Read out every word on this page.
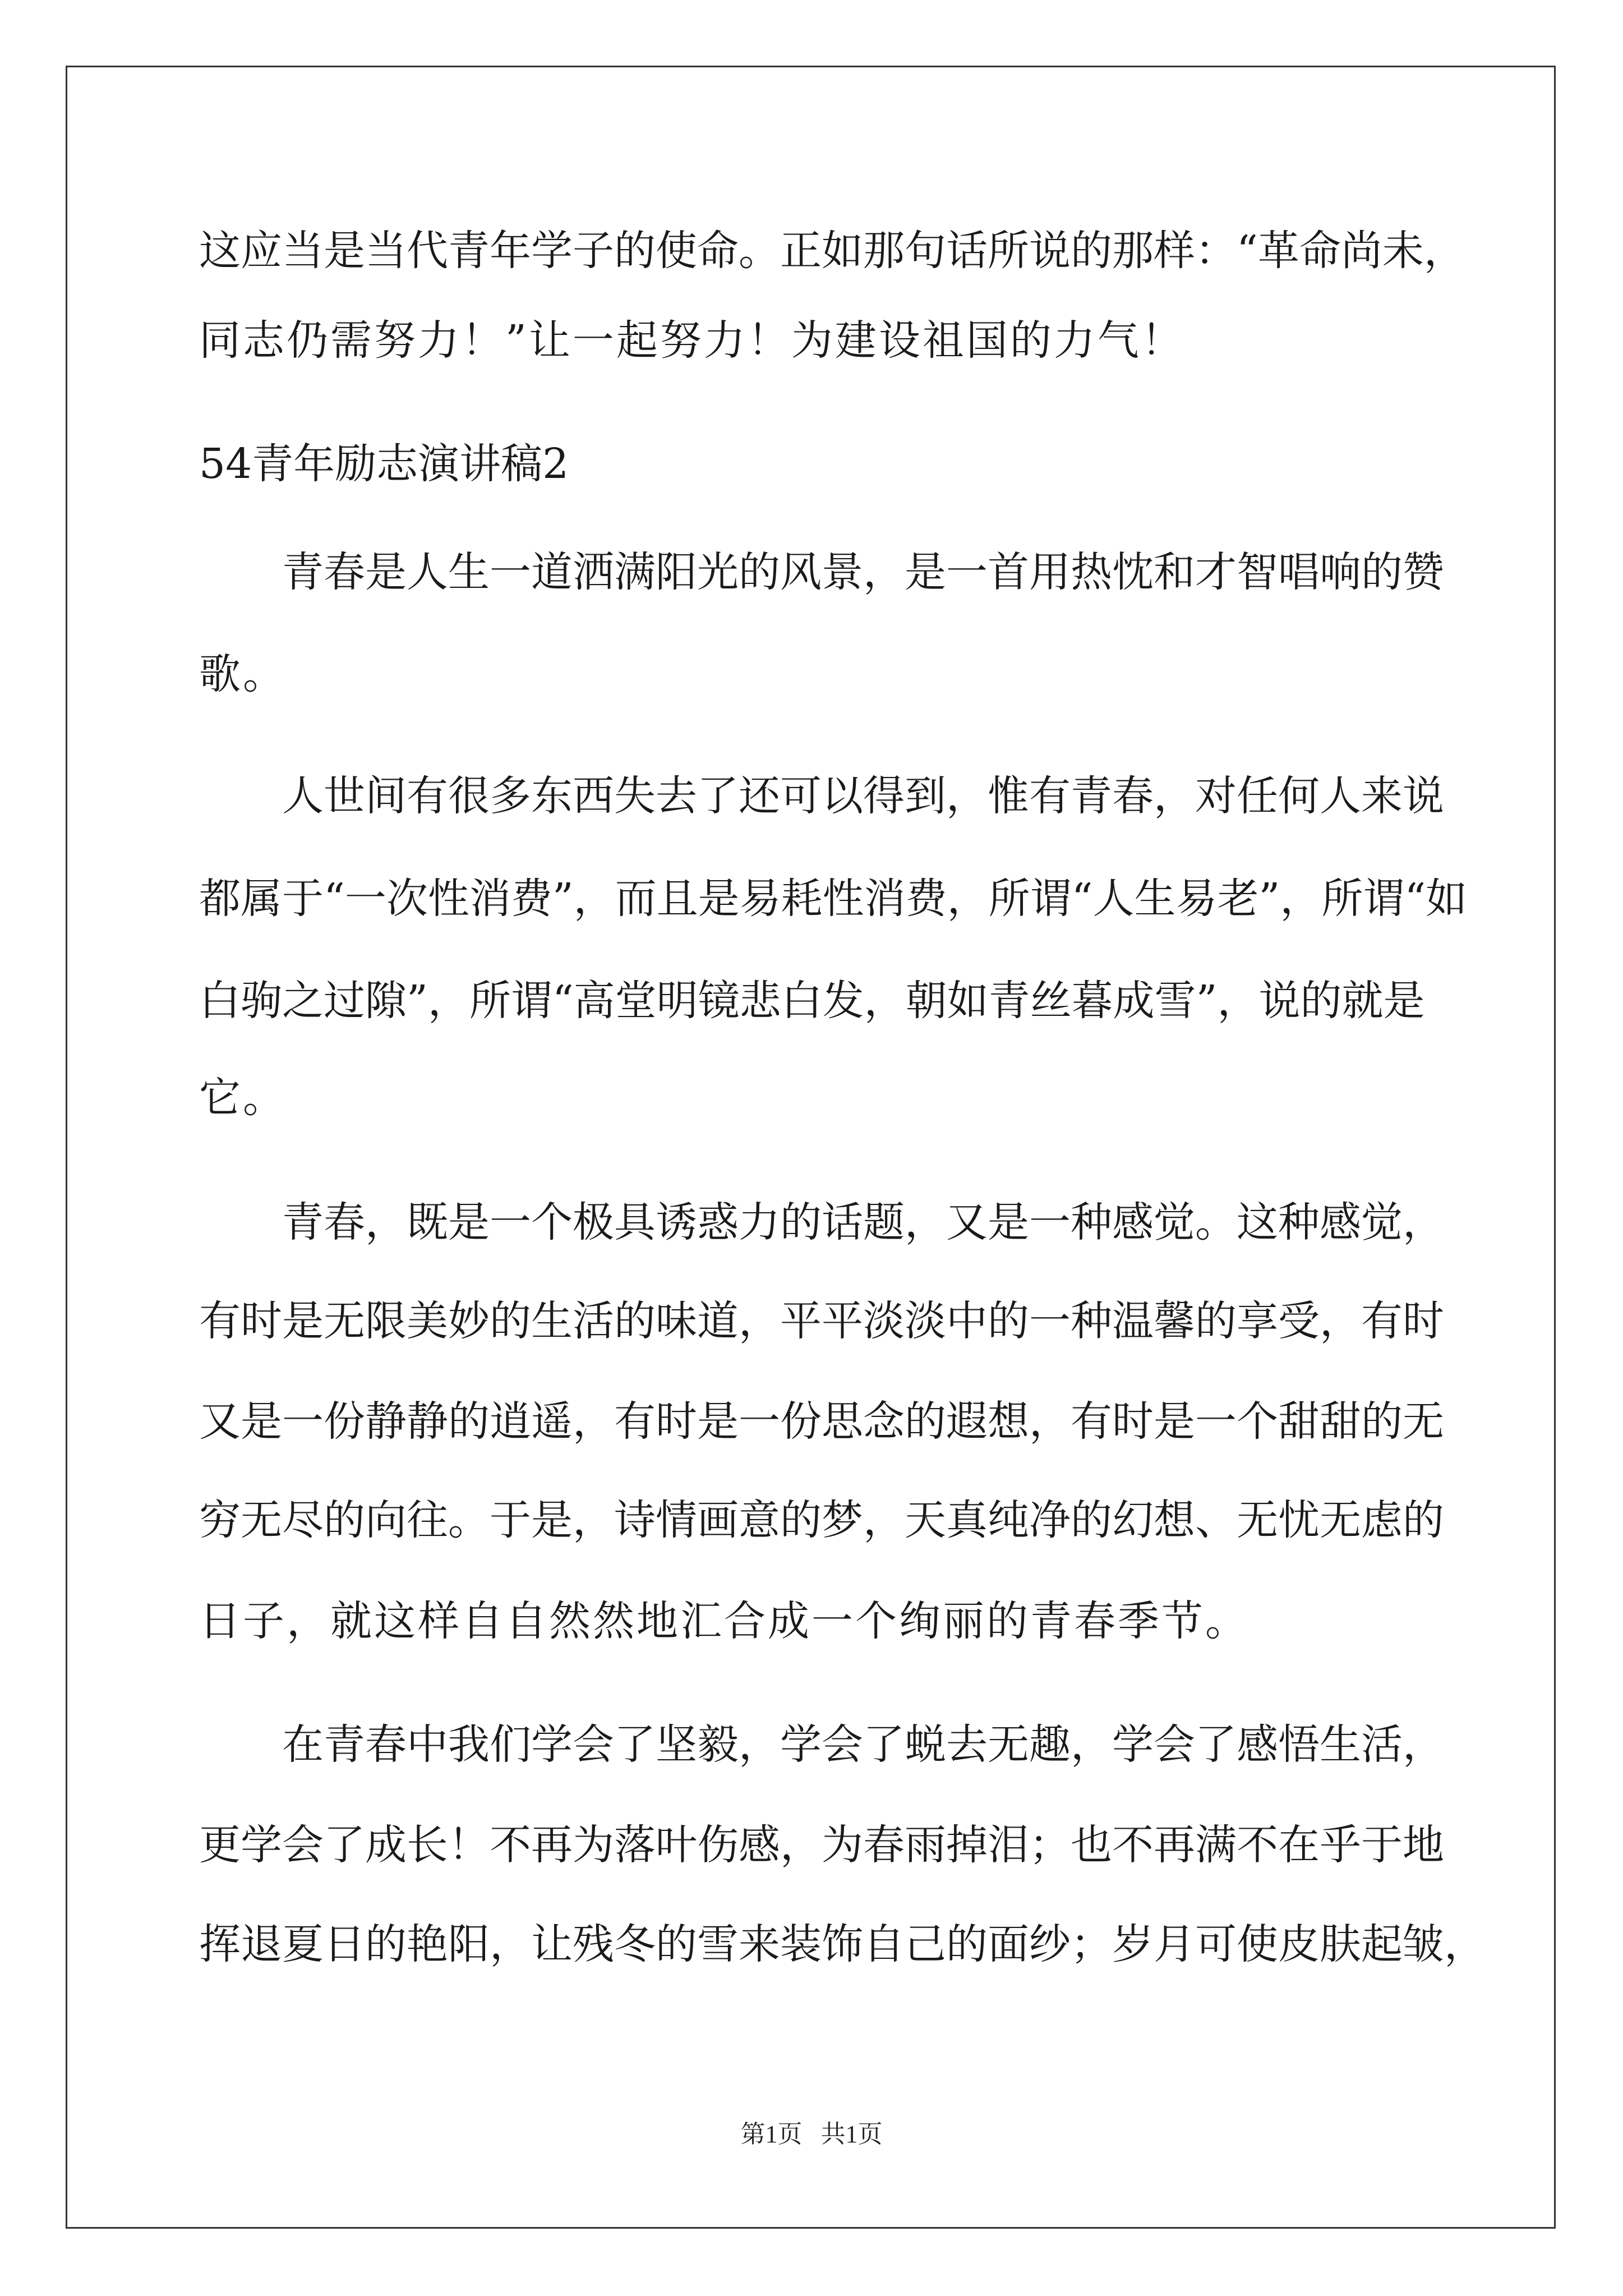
这应当是当代青年学子的使命。正如那句话所说的那样：“革命尚未，
同志仍需努力！”让一起努力！为建设祖国的力气！
54青年励志演讲稿2
青春是人生一道洒满阳光的风景，是一首用热忱和才智唱响的赞
歌。
人世间有很多东西失去了还可以得到，惟有青春，对任何人来说
都属于“一次性消费”，而且是易耗性消费，所谓“人生易老”，所谓“如
白驹之过隙”，所谓“高堂明镜悲白发，朝如青丝暮成雪”，说的就是
它。
青春，既是一个极具诱惑力的话题，又是一种感觉。这种感觉，
有时是无限美妙的生活的味道，平平淡淡中的一种温馨的享受，有时
又是一份静静的逍遥，有时是一份思念的遐想，有时是一个甜甜的无
穷无尽的向往。于是，诗情画意的梦，天真纯净的幻想、无忧无虑的
日子，就这样自自然然地汇合成一个绚丽的青春季节。
在青春中我们学会了坚毅，学会了蜕去无趣，学会了感悟生活，
更学会了成长！不再为落叶伤感，为春雨掉泪；也不再满不在乎于地
挥退夏日的艳阳，让残冬的雪来装饰自己的面纱；岁月可使皮肤起皱，
第1页   共1页
